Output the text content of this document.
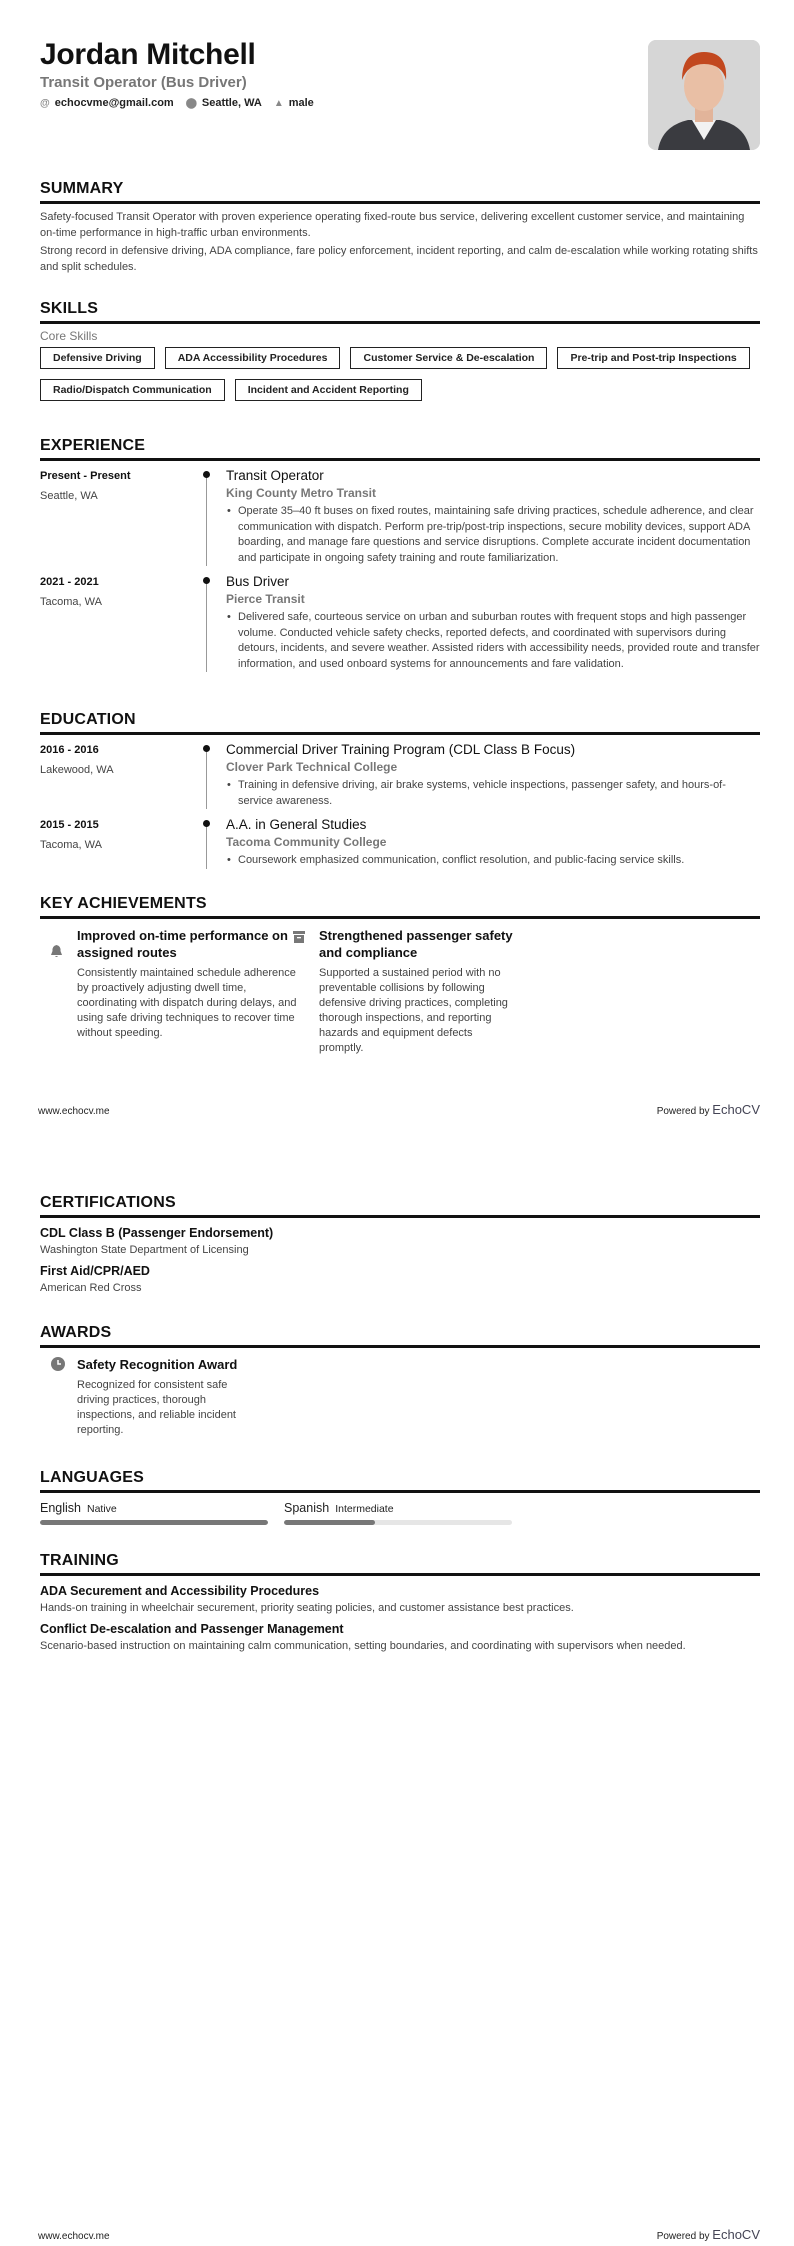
Jordan Mitchell
Transit Operator (Bus Driver)
@ echocvme@gmail.com ⬤ Seattle, WA ▲ male
SUMMARY

Safety-focused Transit Operator with proven experience operating fixed-route bus service, delivering excellent customer service, and maintaining on-time performance in high-traffic urban environments.

Strong record in defensive driving, ADA compliance, fare policy enforcement, incident reporting, and calm de-escalation while working rotating shifts and split schedules.

SKILLS
Core Skills
Defensive Driving	ADA Accessibility Procedures	Customer Service & De-escalation	Pre-trip and Post-trip Inspections
Radio/Dispatch Communication	Incident and Accident Reporting
EXPERIENCE
Present - Present
Seattle, WA
Transit Operator
King County Metro Transit
• Operate 35–40 ft buses on fixed routes, maintaining safe driving practices, schedule adherence, and clear communication with dispatch. Perform pre-trip/post-trip inspections, secure mobility devices, support ADA boarding, and manage fare questions and service disruptions. Complete accurate incident documentation and participate in ongoing safety training and route familiarization.
2021 - 2021
Tacoma, WA
Bus Driver
Pierce Transit
• Delivered safe, courteous service on urban and suburban routes with frequent stops and high passenger volume. Conducted vehicle safety checks, reported defects, and coordinated with supervisors during detours, incidents, and severe weather. Assisted riders with accessibility needs, provided route and transfer information, and used onboard systems for announcements and fare validation.
EDUCATION
2016 - 2016
Lakewood, WA
Commercial Driver Training Program (CDL Class B Focus)
Clover Park Technical College
• Training in defensive driving, air brake systems, vehicle inspections, passenger safety, and hours-of-service awareness.
2015 - 2015
Tacoma, WA
A.A. in General Studies
Tacoma Community College
• Coursework emphasized communication, conflict resolution, and public-facing service skills.
KEY ACHIEVEMENTS
Improved on-time performance on assigned routes
Consistently maintained schedule adherence by proactively adjusting dwell time, coordinating with dispatch during delays, and using safe driving techniques to recover time without speeding.
Strengthened passenger safety and compliance
Supported a sustained period with no preventable collisions by following defensive driving practices, completing thorough inspections, and reporting hazards and equipment defects promptly.
www.echocv.me	Powered by EchoCV
CERTIFICATIONS
CDL Class B (Passenger Endorsement)
Washington State Department of Licensing
First Aid/CPR/AED
American Red Cross
AWARDS
Safety Recognition Award
Recognized for consistent safe driving practices, thorough inspections, and reliable incident reporting.
LANGUAGES
English Native	Spanish Intermediate
TRAINING
ADA Securement and Accessibility Procedures
Hands-on training in wheelchair securement, priority seating policies, and customer assistance best practices.
Conflict De-escalation and Passenger Management
Scenario-based instruction on maintaining calm communication, setting boundaries, and coordinating with supervisors when needed.
www.echocv.me	Powered by EchoCV
